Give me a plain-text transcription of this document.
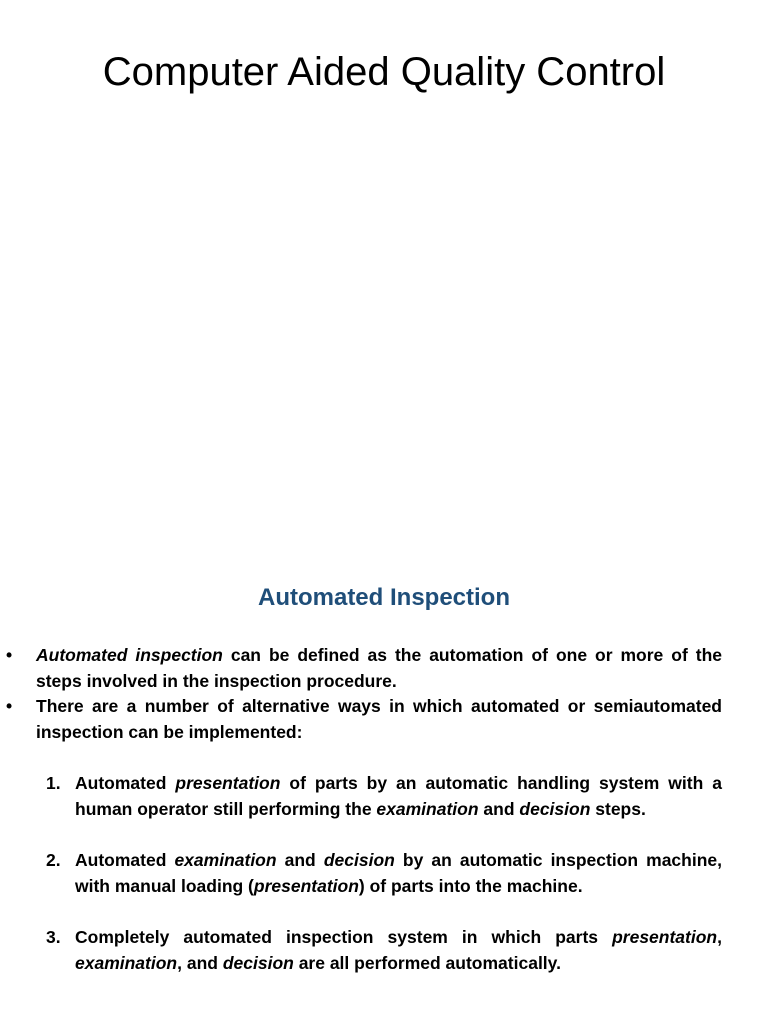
Computer Aided Quality Control
Automated Inspection
• Automated inspection can be defined as the automation of one or more of the steps involved in the inspection procedure.
• There are a number of alternative ways in which automated or semiautomated inspection can be implemented:
1. Automated presentation of parts by an automatic handling system with a human operator still performing the examination and decision steps.
2. Automated examination and decision by an automatic inspection machine, with manual loading (presentation) of parts into the machine.
3. Completely automated inspection system in which parts presentation, examination, and decision are all performed automatically.
